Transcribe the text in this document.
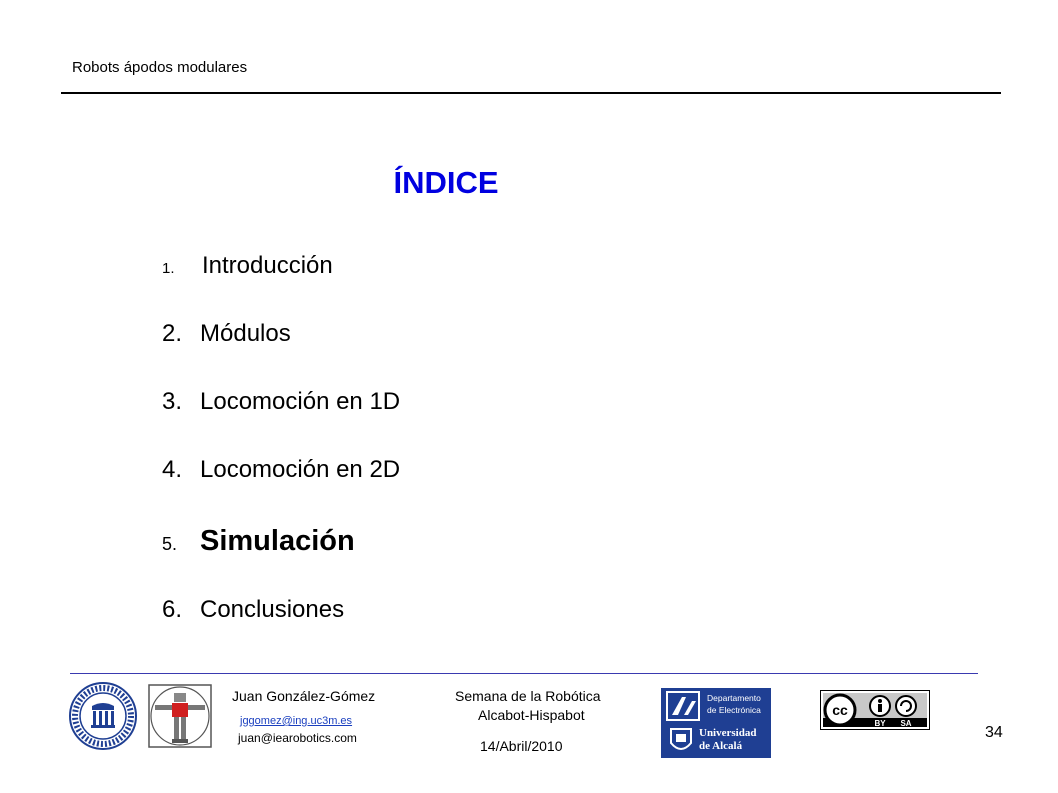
Robots ápodos modulares
ÍNDICE
1. Introducción
2. Módulos
3. Locomoción en 1D
4. Locomoción en 2D
5. Simulación
6. Conclusiones
Juan González-Gómez
jggomez@ing.uc3m.es
juan@iearobotics.com
Semana de la Robótica
Alcabot-Hispabot
14/Abril/2010
Departamento
de Electrónica
Universidad
de Alcalá
cc
BY SA
34
